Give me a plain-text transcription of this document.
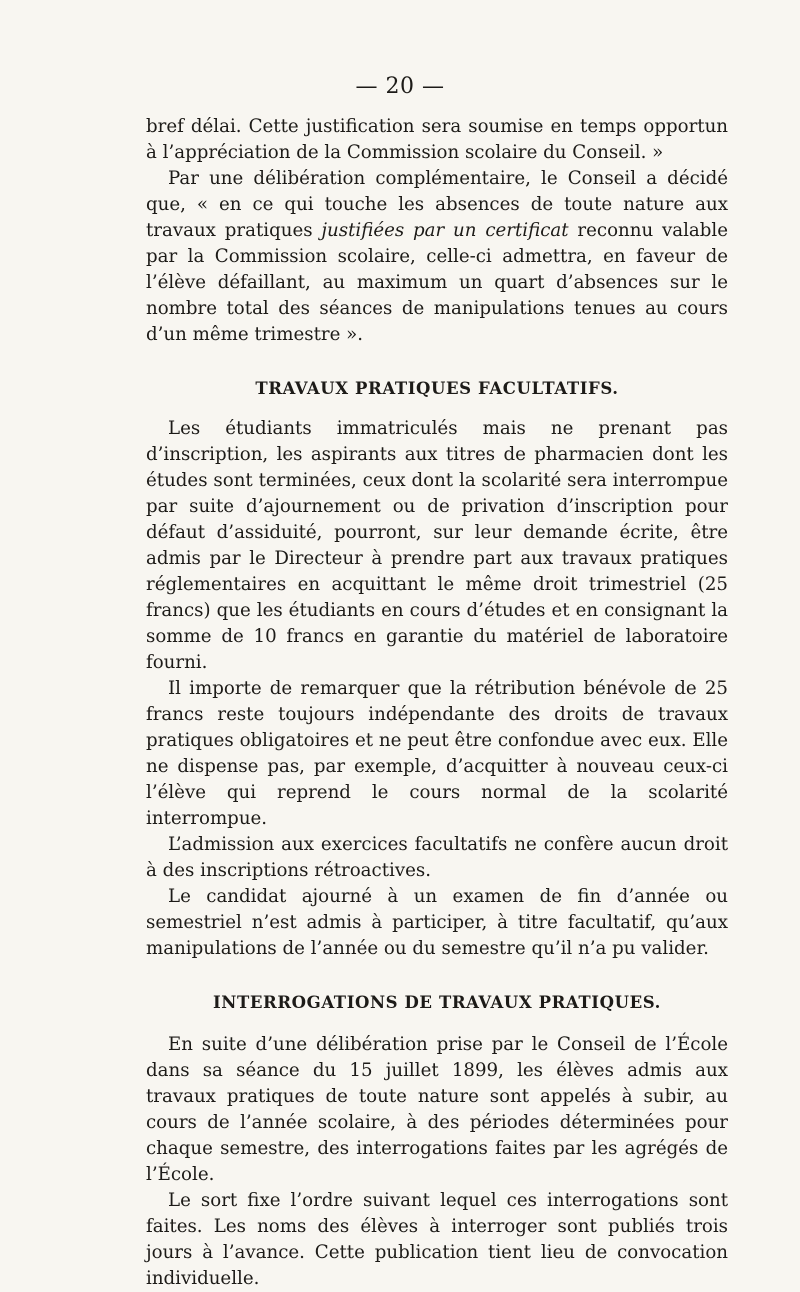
— 20 —

bref délai. Cette justification sera soumise en temps opportun à l’appréciation de la Commission scolaire du Conseil. »

Par une délibération complémentaire, le Conseil a décidé que, « en ce qui touche les absences de toute nature aux travaux pratiques justifiées par un certificat reconnu valable par la Commission scolaire, celle-ci admettra, en faveur de l’élève défaillant, au maximum un quart d’absences sur le nombre total des séances de manipulations tenues au cours d’un même trimestre ».

TRAVAUX PRATIQUES FACULTATIFS.

Les étudiants immatriculés mais ne prenant pas d’inscription, les aspirants aux titres de pharmacien dont les études sont terminées, ceux dont la scolarité sera interrompue par suite d’ajournement ou de privation d’inscription pour défaut d’assiduité, pourront, sur leur demande écrite, être admis par le Directeur à prendre part aux travaux pratiques réglementaires en acquittant le même droit trimestriel (25 francs) que les étudiants en cours d’études et en consignant la somme de 10 francs en garantie du matériel de laboratoire fourni.

Il importe de remarquer que la rétribution bénévole de 25 francs reste toujours indépendante des droits de travaux pratiques obligatoires et ne peut être confondue avec eux. Elle ne dispense pas, par exemple, d’acquitter à nouveau ceux-ci l’élève qui reprend le cours normal de la scolarité interrompue.

L’admission aux exercices facultatifs ne confère aucun droit à des inscriptions rétroactives.

Le candidat ajourné à un examen de fin d’année ou semestriel n’est admis à participer, à titre facultatif, qu’aux manipulations de l’année ou du semestre qu’il n’a pu valider.

INTERROGATIONS DE TRAVAUX PRATIQUES.

En suite d’une délibération prise par le Conseil de l’École dans sa séance du 15 juillet 1899, les élèves admis aux travaux pratiques de toute nature sont appelés à subir, au cours de l’année scolaire, à des périodes déterminées pour chaque semestre, des interrogations faites par les agrégés de l’École.

Le sort fixe l’ordre suivant lequel ces interrogations sont faites. Les noms des élèves à interroger sont publiés trois jours à l’avance. Cette publication tient lieu de convocation individuelle.
